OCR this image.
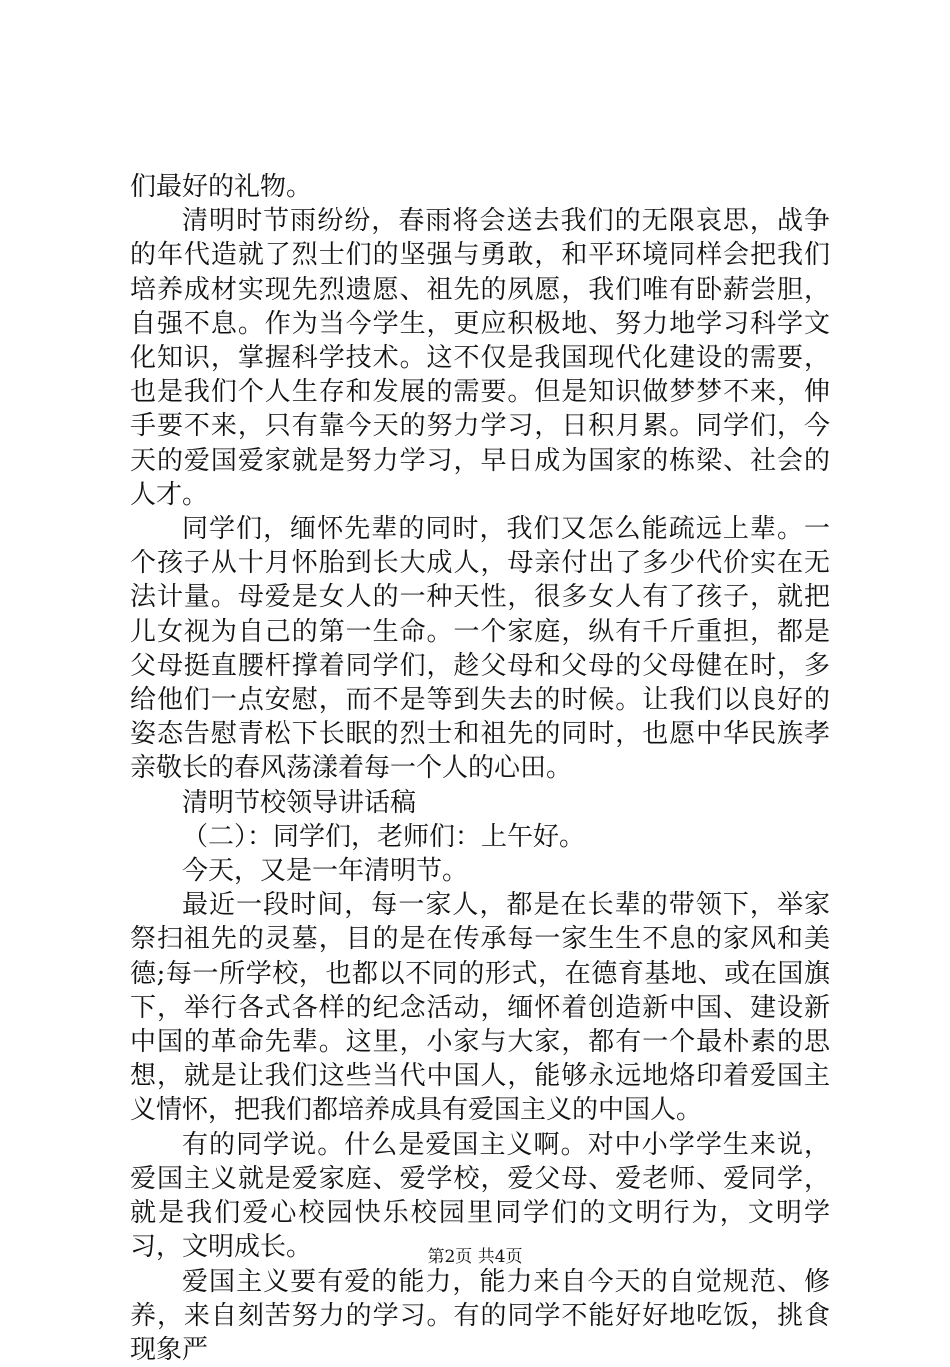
们最好的礼物。

清明时节雨纷纷，春雨将会送去我们的无限哀思，战争的年代造就了烈士们的坚强与勇敢，和平环境同样会把我们培养成材实现先烈遗愿、祖先的夙愿，我们唯有卧薪尝胆，自强不息。作为当今学生，更应积极地、努力地学习科学文化知识，掌握科学技术。这不仅是我国现代化建设的需要，也是我们个人生存和发展的需要。但是知识做梦梦不来，伸手要不来，只有靠今天的努力学习，日积月累。同学们，今天的爱国爱家就是努力学习，早日成为国家的栋梁、社会的人才。

同学们，缅怀先辈的同时，我们又怎么能疏远上辈。一个孩子从十月怀胎到长大成人，母亲付出了多少代价实在无法计量。母爱是女人的一种天性，很多女人有了孩子，就把儿女视为自己的第一生命。一个家庭，纵有千斤重担，都是父母挺直腰杆撑着同学们，趁父母和父母的父母健在时，多给他们一点安慰，而不是等到失去的时候。让我们以良好的姿态告慰青松下长眠的烈士和祖先的同时，也愿中华民族孝亲敬长的春风荡漾着每一个人的心田。

清明节校领导讲话稿

（二）：同学们，老师们：上午好。

今天，又是一年清明节。

最近一段时间，每一家人，都是在长辈的带领下，举家祭扫祖先的灵墓，目的是在传承每一家生生不息的家风和美德;每一所学校，也都以不同的形式，在德育基地、或在国旗下，举行各式各样的纪念活动，缅怀着创造新中国、建设新中国的革命先辈。这里，小家与大家，都有一个最朴素的思想，就是让我们这些当代中国人，能够永远地烙印着爱国主义情怀，把我们都培养成具有爱国主义的中国人。

有的同学说。什么是爱国主义啊。对中小学学生来说，爱国主义就是爱家庭、爱学校，爱父母、爱老师、爱同学，就是我们爱心校园快乐校园里同学们的文明行为，文明学习，文明成长。

爱国主义要有爱的能力，能力来自今天的自觉规范、修养，来自刻苦努力的学习。有的同学不能好好地吃饭，挑食现象严

第2页 共4页
